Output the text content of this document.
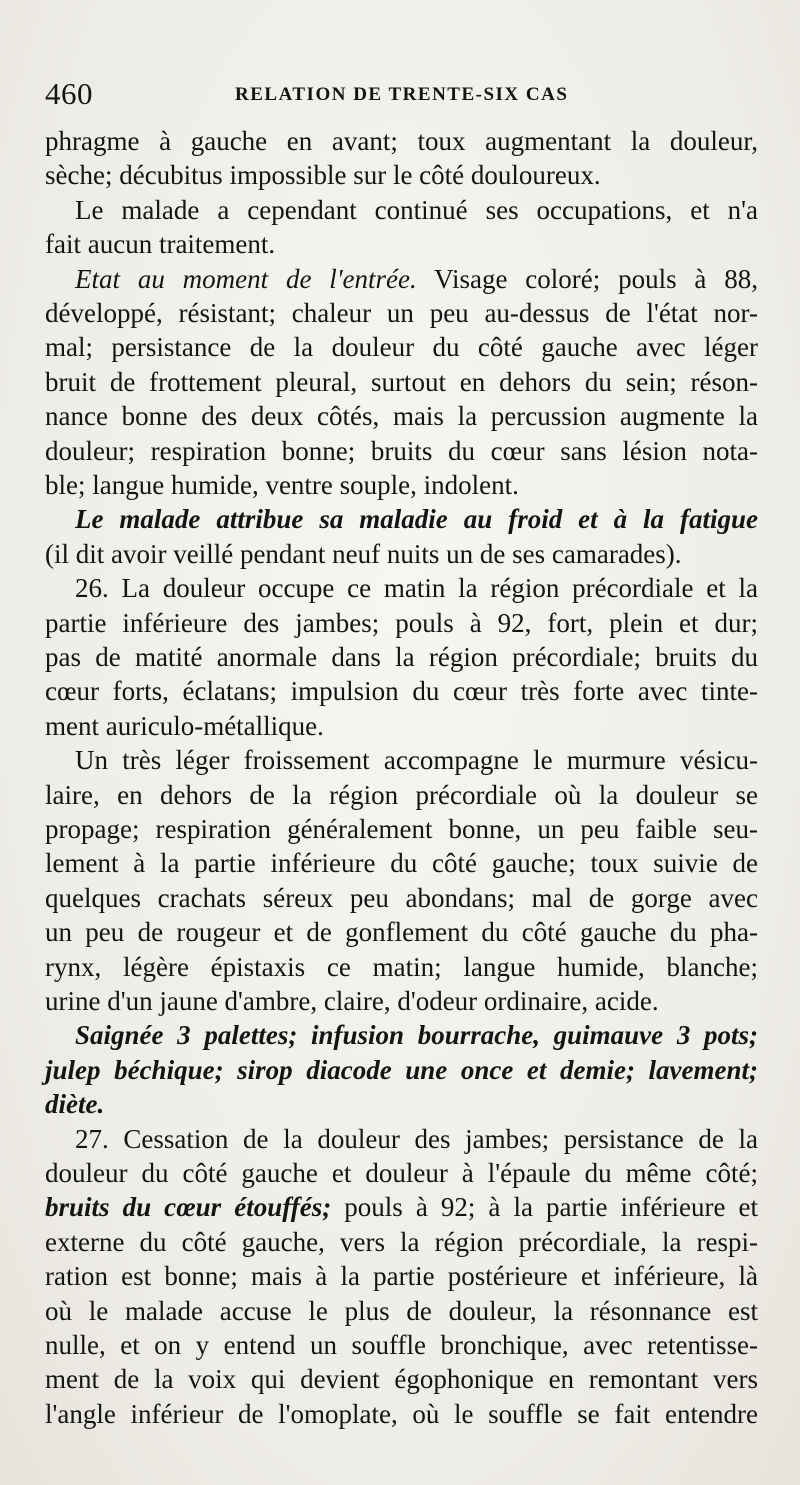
460	RELATION DE TRENTE-SIX CAS
phragme à gauche en avant; toux augmentant la douleur,
sèche; décubitus impossible sur le côté douloureux.
Le malade a cependant continué ses occupations, et n'a
fait aucun traitement.
Etat au moment de l'entrée. Visage coloré; pouls à 88,
développé, résistant; chaleur un peu au-dessus de l'état nor-
mal; persistance de la douleur du côté gauche avec léger
bruit de frottement pleural, surtout en dehors du sein; réson-
nance bonne des deux côtés, mais la percussion augmente la
douleur; respiration bonne; bruits du cœur sans lésion nota-
ble; langue humide, ventre souple, indolent.
Le malade attribue sa maladie au froid et à la fatigue
(il dit avoir veillé pendant neuf nuits un de ses camarades).
26. La douleur occupe ce matin la région précordiale et la
partie inférieure des jambes; pouls à 92, fort, plein et dur;
pas de matité anormale dans la région précordiale; bruits du
cœur forts, éclatans; impulsion du cœur très forte avec tinte-
ment auriculo-métallique.
Un très léger froissement accompagne le murmure vésicu-
laire, en dehors de la région précordiale où la douleur se
propage; respiration généralement bonne, un peu faible seu-
lement à la partie inférieure du côté gauche; toux suivie de
quelques crachats séreux peu abondans; mal de gorge avec
un peu de rougeur et de gonflement du côté gauche du pha-
rynx, légère épistaxis ce matin; langue humide, blanche;
urine d'un jaune d'ambre, claire, d'odeur ordinaire, acide.
Saignée 3 palettes; infusion bourrache, guimauve 3 pots;
julep béchique; sirop diacode une once et demie; lavement;
diète.
27. Cessation de la douleur des jambes; persistance de la
douleur du côté gauche et douleur à l'épaule du même côté;
bruits du cœur étouffés; pouls à 92; à la partie inférieure et
externe du côté gauche, vers la région précordiale, la respi-
ration est bonne; mais à la partie postérieure et inférieure, là
où le malade accuse le plus de douleur, la résonnance est
nulle, et on y entend un souffle bronchique, avec retentisse-
ment de la voix qui devient égophonique en remontant vers
l'angle inférieur de l'omoplate, où le souffle se fait entendre
